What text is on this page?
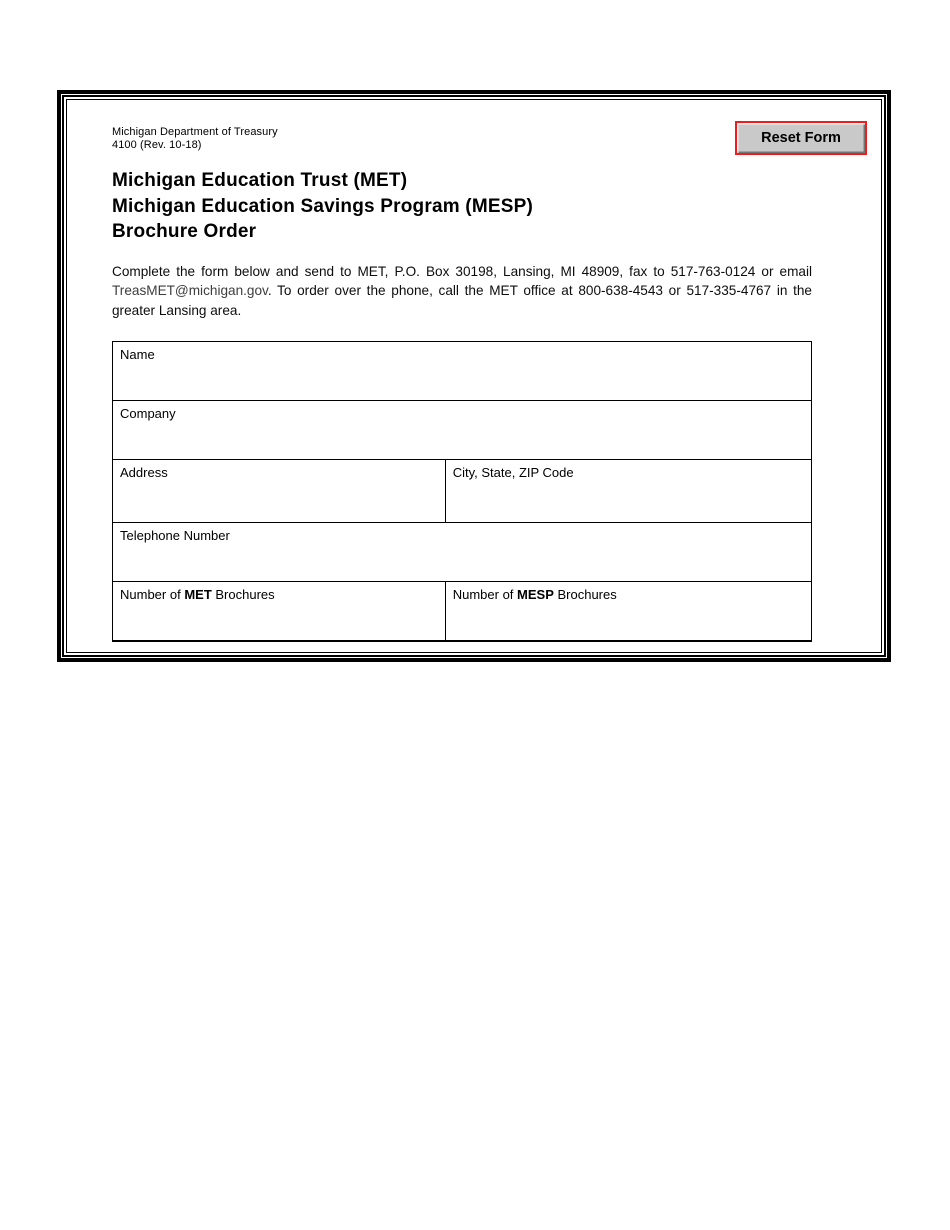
Michigan Department of Treasury
4100 (Rev. 10-18)	Reset Form
Michigan Education Trust (MET)
Michigan Education Savings Program (MESP)
Brochure Order
Complete the form below and send to MET, P.O. Box 30198, Lansing, MI 48909, fax to 517-763-0124 or email TreasMET@michigan.gov. To order over the phone, call the MET office at 800-638-4543 or 517-335-4767 in the greater Lansing area.
Name	
Company	
Address	City, State, ZIP Code
Telephone Number	
Number of MET Brochures	Number of MESP Brochures
